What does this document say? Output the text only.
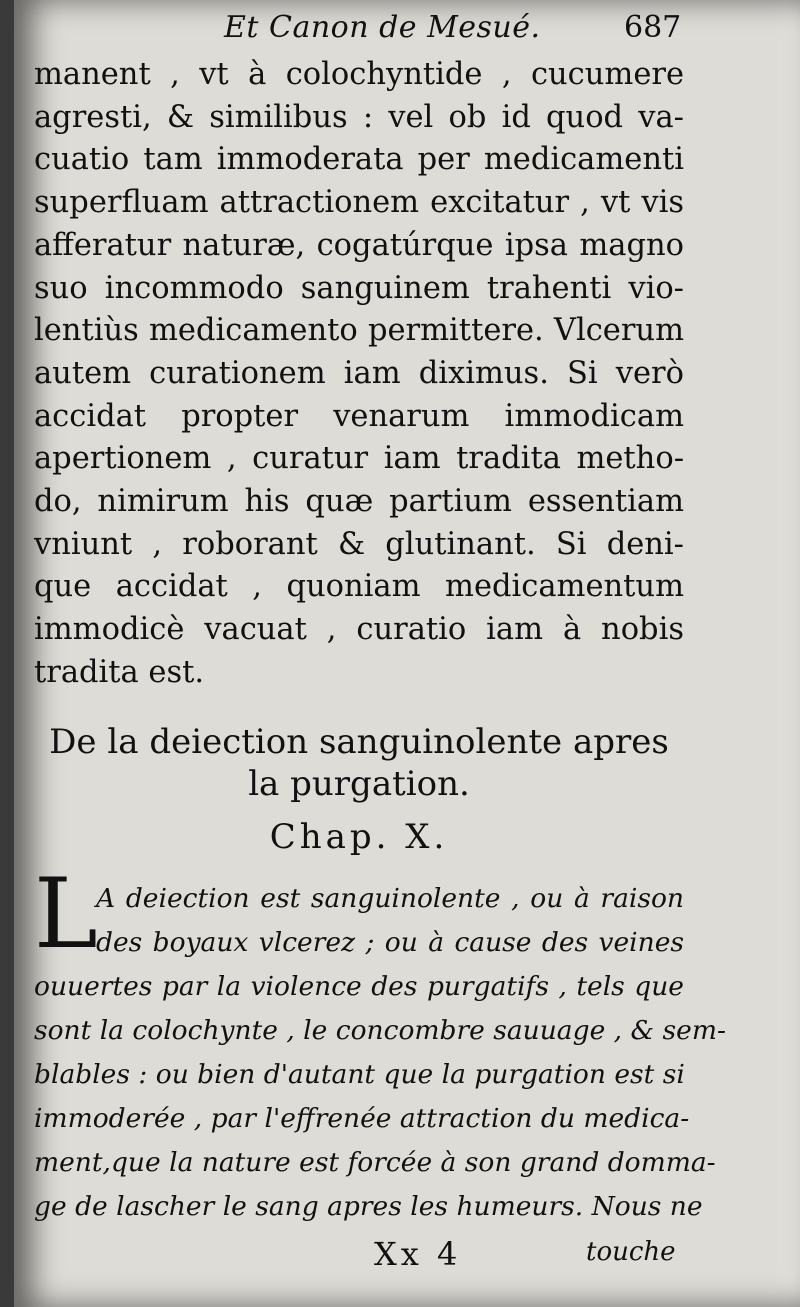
Et Canon de Mesué.	687
manent , vt à colochyntide , cucumere
agresti, & similibus : vel ob id quod va-
cuatio tam immoderata per medicamenti
superfluam attractionem excitatur , vt vis
afferatur naturæ, cogatúrque ipsa magno
suo incommodo sanguinem trahenti vio-
lentiùs medicamento permittere. Vlcerum
autem curationem iam diximus. Si verò
accidat propter venarum immodicam
apertionem , curatur iam tradita metho-
do, nimirum his quæ partium essentiam
vniunt , roborant & glutinant. Si deni-
que accidat , quoniam medicamentum
immodicè vacuat , curatio iam à nobis
tradita est.
De la deiection sanguinolente apres
la purgation.
Chap. X.
L
A deiection est sanguinolente , ou à raison
des boyaux vlcerez ; ou à cause des veines
ouuertes par la violence des purgatifs , tels que
sont la colochynte , le concombre sauuage , & sem-
blables : ou bien d'autant que la purgation est si
immoderée , par l'effrenée attraction du medica-
ment,que la nature est forcée à son grand domma-
ge de lascher le sang apres les humeurs. Nous ne
Xx 4	touche
